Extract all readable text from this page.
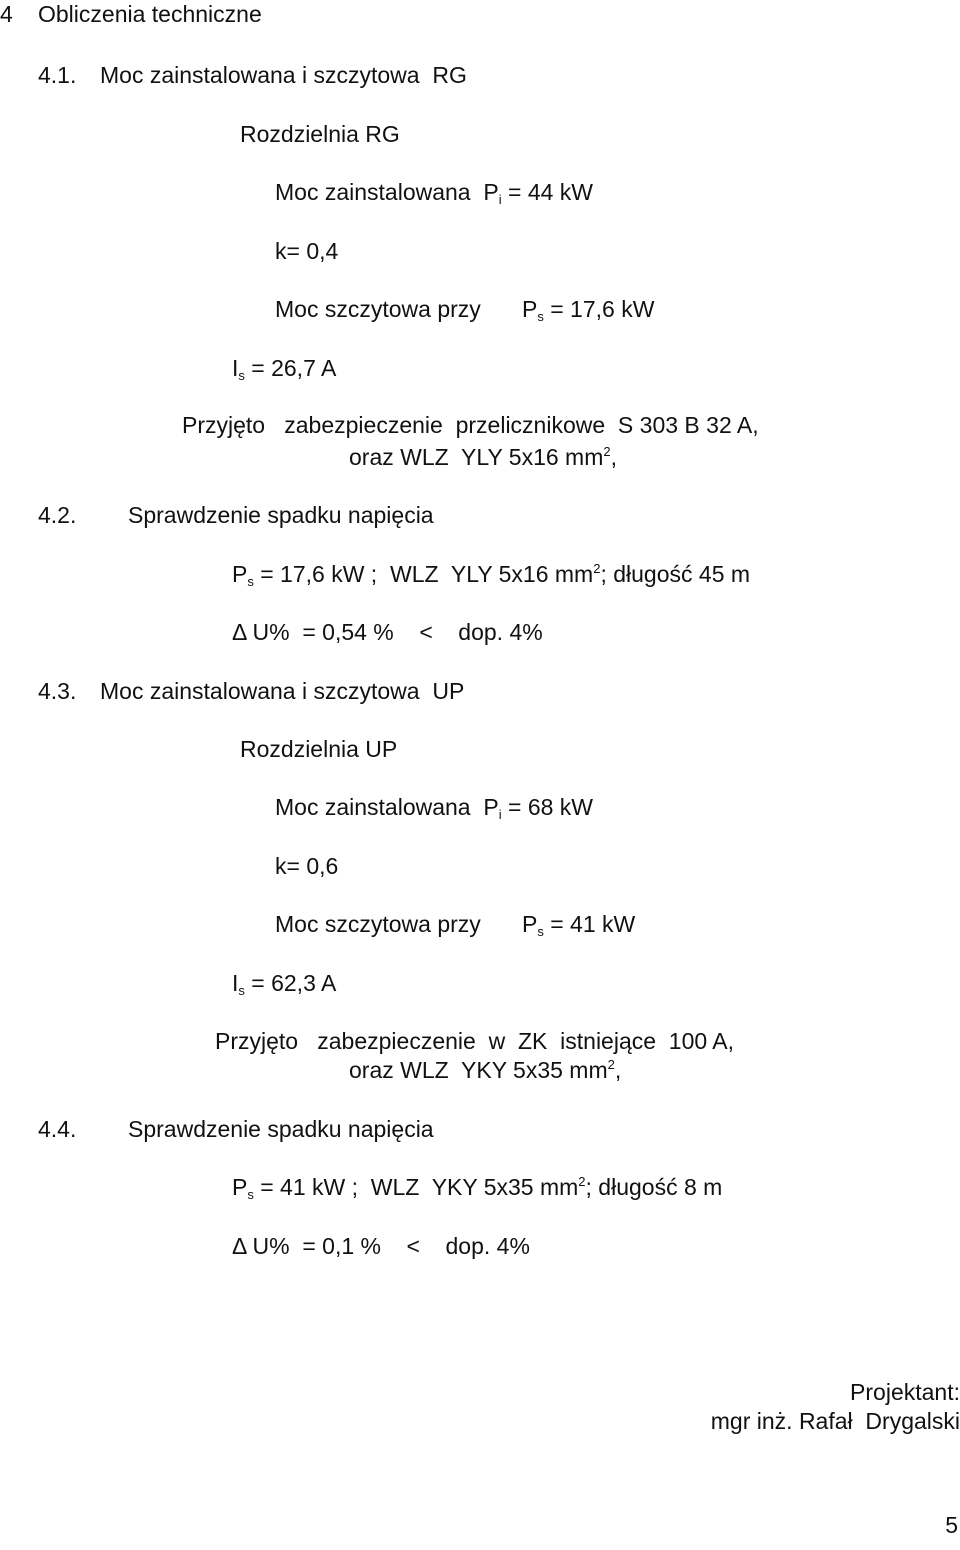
4 Obliczenia techniczne
4.1. Moc zainstalowana i szczytowa  RG
Rozdzielnia RG
Moc zainstalowana  $P_i = 44$ kW
k= 0,4
Moc szczytowa przy $P_s = 17,6$ kW
$I_s = 26,7$ A
Przyjęto   zabezpieczenie  przelicznikowe  S 303 B 32 A,
oraz WLZ  YLY 5x16 $mm^2$,
4.2. Sprawdzenie spadku napięcia
$P_s = 17,6$ kW ;  WLZ  YLY 5x16 $mm^2$; długość 45 m
Δ U%  = 0,54 %    <    dop. 4%
4.3. Moc zainstalowana i szczytowa  UP
Rozdzielnia UP
Moc zainstalowana  $P_i = 68$ kW
k= 0,6
Moc szczytowa przy $P_s = 41$ kW
$I_s = 62,3$ A
Przyjęto   zabezpieczenie  w  ZK  istniejące  100 A,
oraz WLZ  YKY 5x35 $mm^2$,
4.4. Sprawdzenie spadku napięcia
$P_s = 41$ kW ;  WLZ  YKY 5x35 $mm^2$; długość 8 m
Δ U%  = 0,1 %    <    dop. 4%
Projektant:
mgr inż. Rafał  Drygalski
5
